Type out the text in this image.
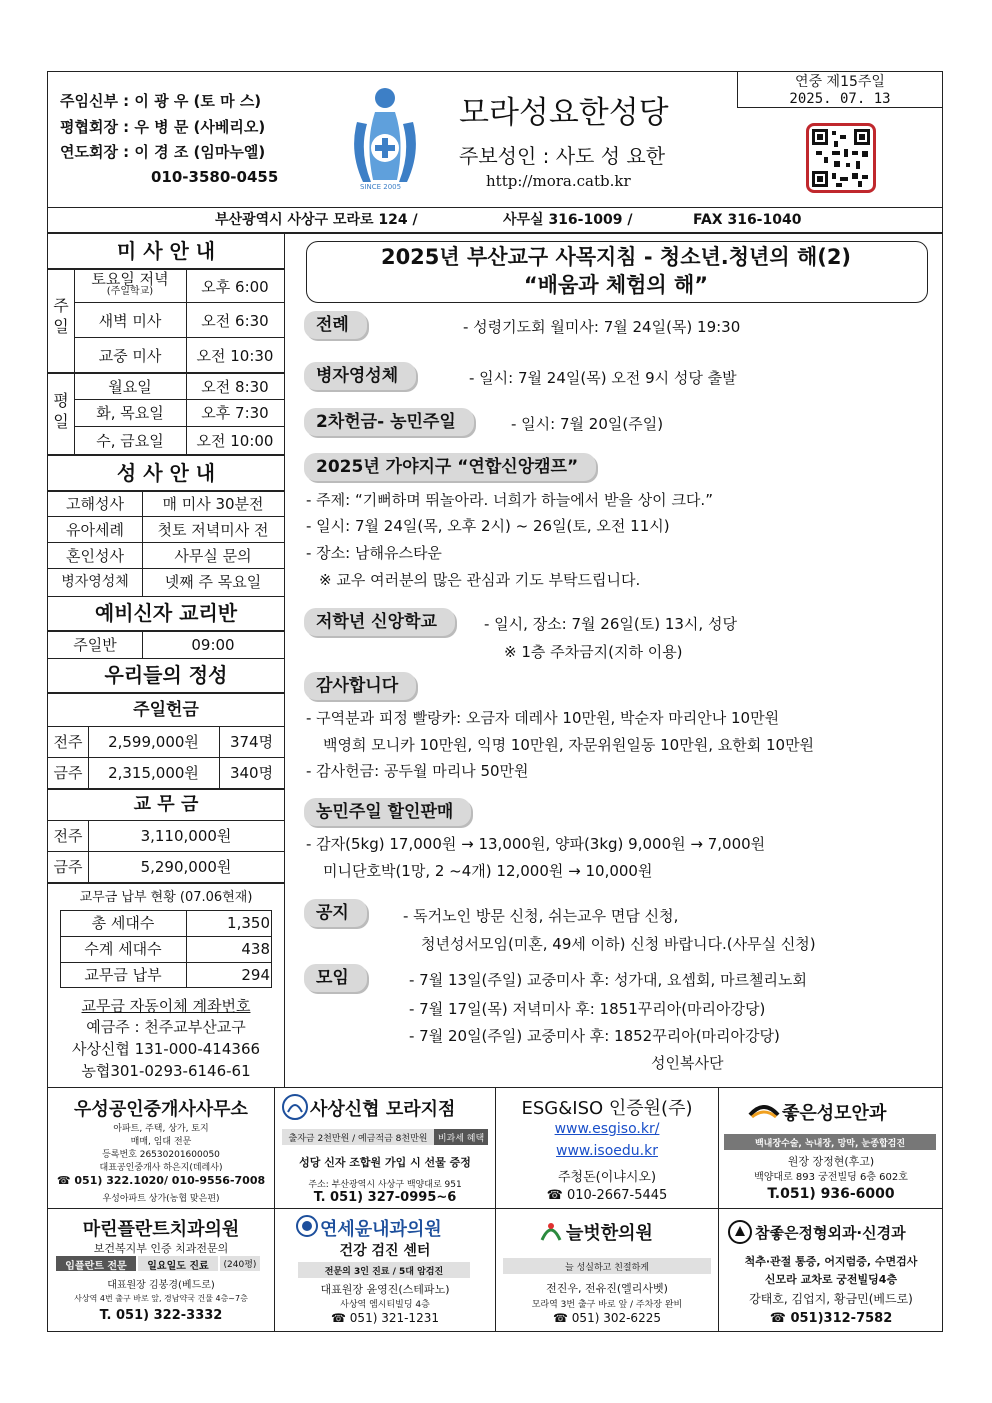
주임신부 : 이 광 우 (토 마 스)
평협회장 : 우 병 문 (사베리오)
연도회장 : 이 경 조 (임마누엘)
010-3580-0455
SINCE 2005
모라성요한성당
주보성인 : 사도 성 요한
http://mora.catb.kr
연중 제15주일
2025. 07. 13
부산광역시 사상구 모라로 124 /	사무실 316-1009 /	FAX 316-1040
미 사 안 내
주일
토요일 저녁
(주일학교)	오후 6:00
새벽 미사	오전 6:30
교중 미사	오전 10:30
평일
월요일	오전 8:30
화, 목요일	오후 7:30
수, 금요일	오전 10:00
성 사 안 내
고해성사	매 미사 30분전
유아세례	첫토 저녁미사 전
혼인성사	사무실 문의
병자영성체	넷째 주 목요일
예비신자 교리반
주일반	09:00
우리들의 정성
주일헌금
전주	2,599,000원	374명
금주	2,315,000원	340명
교 무 금
전주	3,110,000원
금주	5,290,000원
교무금 납부 현황 (07.06현재)
총 세대수	1,350
수계 세대수	438
교무금 납부	294
교무금 자동이체 계좌번호
예금주 : 천주교부산교구
사상신협 131-000-414366
농협301-0293-6146-61
2025년 부산교구 사목지침 - 청소년.청년의 해(2)
“배움과 체험의 해”
전례	- 성령기도회 월미사: 7월 24일(목) 19:30
병자영성체	- 일시: 7월 24일(목) 오전 9시 성당 출발
2차헌금- 농민주일	- 일시: 7월 20일(주일)
2025년 가야지구 “연합신앙캠프”
- 주제: “기뻐하며 뛰놀아라. 너희가 하늘에서 받을 상이 크다.”
- 일시: 7월 24일(목, 오후 2시) ~ 26일(토, 오전 11시)
- 장소: 남해유스타운
※ 교우 여러분의 많은 관심과 기도 부탁드립니다.
저학년 신앙학교	- 일시, 장소: 7월 26일(토) 13시, 성당
※ 1층 주차금지(지하 이용)
감사합니다
- 구역분과 피정 빨랑카: 오금자 데레사 10만원, 박순자 마리안나 10만원
백영희 모니카 10만원, 익명 10만원, 자문위원일동 10만원, 요한회 10만원
- 감사헌금: 공두월 마리나 50만원
농민주일 할인판매
- 감자(5kg) 17,000원 → 13,000원, 양파(3kg) 9,000원 → 7,000원
미니단호박(1망, 2 ~4개) 12,000원 → 10,000원
공지	- 독거노인 방문 신청, 쉬는교우 면담 신청,
청년성서모임(미혼, 49세 이하) 신청 바랍니다.(사무실 신청)
모임	- 7월 13일(주일) 교중미사 후: 성가대, 요셉회, 마르첼리노회
- 7월 17일(목) 저녁미사 후: 1851꾸리아(마리아강당)
- 7월 20일(주일) 교중미사 후: 1852꾸리아(마리아강당)
성인복사단
우성공인중개사사무소
아파트, 주택, 상가, 토지
매매, 임대 전문
등록번호 26530201600050
대표공인중개사 하은지(데레사)
☎ 051) 322.1020/ 010-9556-7008
우성아파트 상가(농협 맞은편)
사상신협 모라지점
출자금 2천만원 / 예금적금 8천만원	비과세 혜택
성당 신자 조합원 가입 시 선물 증정
주소: 부산광역시 사상구 백양대로 951
T. 051) 327-0995~6
ESG&ISO 인증원(주)
www.esgiso.kr/
www.isoedu.kr
주청돈(이냐시오)
☎ 010-2667-5445
좋은성모안과
백내장수술, 녹내장, 망막, 눈종합검진
원장 장정현(후고)
백양대로 893 궁전빌딩 6층 602호
T.051) 936-6000
마린플란트치과의원
보건복지부 인증 치과전문의
임플란트 전문	일요일도 진료	(240평)
대표원장 김봉경(베드로)
사상역 4번 출구 바로 앞, 경남약국 건물 4층~7층
T. 051) 322-3332
연세윤내과의원
건강 검진 센터
전문의 3인 진료 / 5대 암검진
대표원장 윤영진(스테파노)
사상역 엠시티빌딩 4층
☎ 051) 321-1231
늘벗한의원
늘 성실하고 친절하게
전진우, 전유진(엘리사벳)
모라역 3번 출구 바로 앞 / 주차장 완비
☎ 051) 302-6225
참좋은정형외과·신경과
척추·관절 통증, 어지럼증, 수면검사
신모라 교차로 궁전빌딩4층
강태호, 김업지, 황금민(베드로)
☎ 051)312-7582
